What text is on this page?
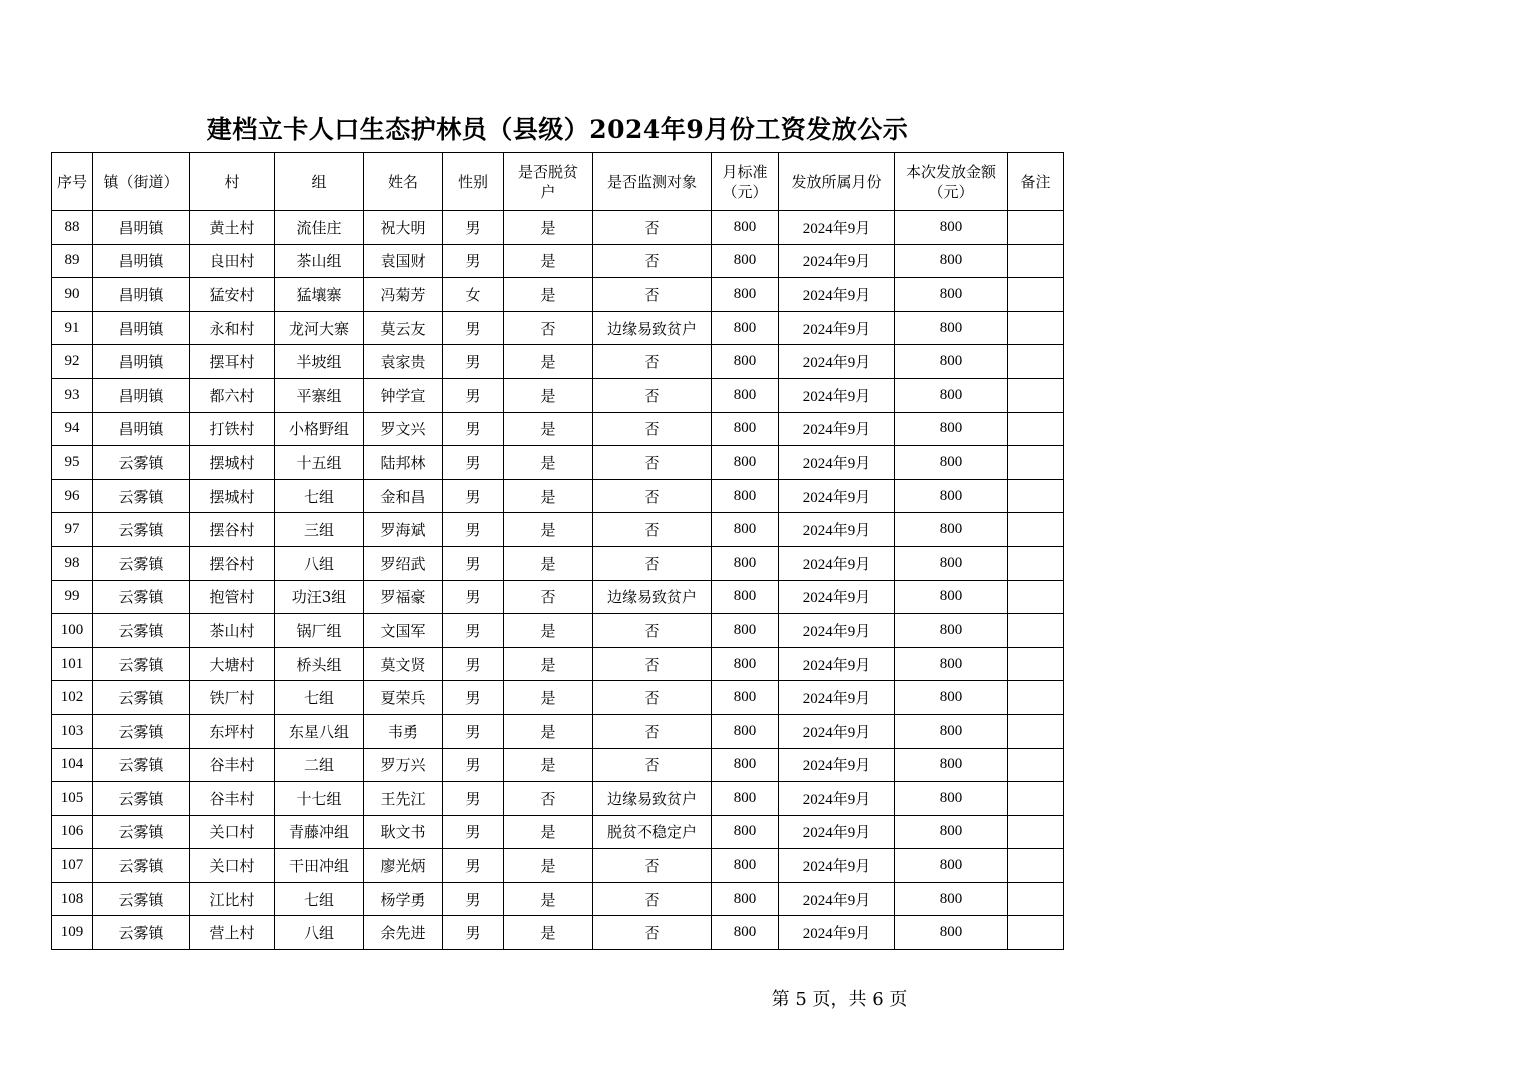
建档立卡人口生态护林员（县级）2024年9月份工资发放公示
序号	镇（街道）	村	组	姓名	性别	是否脱贫户	是否监测对象	月标准（元）	发放所属月份	本次发放金额（元）	备注
88	昌明镇	黄土村	流佳庄	祝大明	男	是	否	800	2024年9月	800	
89	昌明镇	良田村	茶山组	袁国财	男	是	否	800	2024年9月	800	
90	昌明镇	猛安村	猛壤寨	冯菊芳	女	是	否	800	2024年9月	800	
91	昌明镇	永和村	龙河大寨	莫云友	男	否	边缘易致贫户	800	2024年9月	800	
92	昌明镇	摆耳村	半坡组	袁家贵	男	是	否	800	2024年9月	800	
93	昌明镇	都六村	平寨组	钟学宣	男	是	否	800	2024年9月	800	
94	昌明镇	打铁村	小格野组	罗文兴	男	是	否	800	2024年9月	800	
95	云雾镇	摆城村	十五组	陆邦林	男	是	否	800	2024年9月	800	
96	云雾镇	摆城村	七组	金和昌	男	是	否	800	2024年9月	800	
97	云雾镇	摆谷村	三组	罗海斌	男	是	否	800	2024年9月	800	
98	云雾镇	摆谷村	八组	罗绍武	男	是	否	800	2024年9月	800	
99	云雾镇	抱管村	功汪3组	罗福豪	男	否	边缘易致贫户	800	2024年9月	800	
100	云雾镇	茶山村	锅厂组	文国军	男	是	否	800	2024年9月	800	
101	云雾镇	大塘村	桥头组	莫文贤	男	是	否	800	2024年9月	800	
102	云雾镇	铁厂村	七组	夏荣兵	男	是	否	800	2024年9月	800	
103	云雾镇	东坪村	东星八组	韦勇	男	是	否	800	2024年9月	800	
104	云雾镇	谷丰村	二组	罗万兴	男	是	否	800	2024年9月	800	
105	云雾镇	谷丰村	十七组	王先江	男	否	边缘易致贫户	800	2024年9月	800	
106	云雾镇	关口村	青藤冲组	耿文书	男	是	脱贫不稳定户	800	2024年9月	800	
107	云雾镇	关口村	干田冲组	廖光炳	男	是	否	800	2024年9月	800	
108	云雾镇	江比村	七组	杨学勇	男	是	否	800	2024年9月	800	
109	云雾镇	营上村	八组	余先进	男	是	否	800	2024年9月	800	
第 5 页，共 6 页
